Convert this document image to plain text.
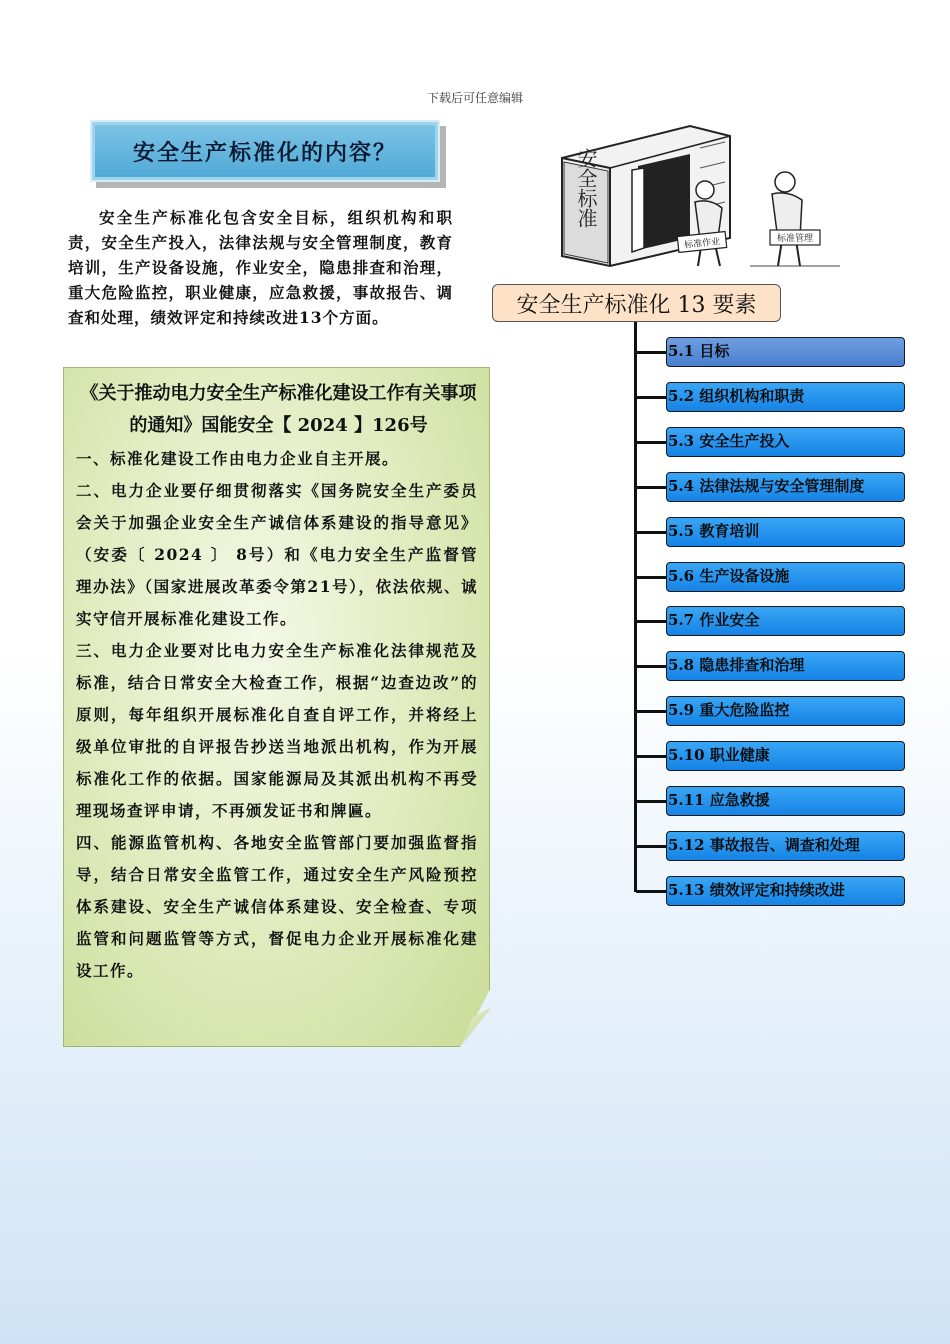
下载后可任意编辑
安全生产标准化的内容？

安全生产标准化包含安全目标，组织机构和职责，安全生产投入，法律法规与安全管理制度，教育培训，生产设备设施，作业安全，隐患排查和治理，重大危险监控，职业健康，应急救援，事故报告、调查和处理，绩效评定和持续改进13个方面。

安全标准
标准作业	标准管理
安全生产标准化 13 要素
5.1 目标
5.2 组织机构和职责
5.3 安全生产投入
5.4 法律法规与安全管理制度
5.5 教育培训
5.6 生产设备设施
5.7 作业安全
5.8 隐患排查和治理
5.9 重大危险监控
5.10 职业健康
5.11 应急救援
5.12 事故报告、调查和处理
5.13 绩效评定和持续改进
《关于推动电力安全生产标准化建设工作有关事项的通知》国能安全【 2024 】126号

一、标准化建设工作由电力企业自主开展。

二、电力企业要仔细贯彻落实《国务院安全生产委员会关于加强企业安全生产诚信体系建设的指导意见》（安委〔 2024 〕 8号）和《电力安全生产监督管理办法》（国家进展改革委令第21号），依法依规、诚实守信开展标准化建设工作。

三、电力企业要对比电力安全生产标准化法律规范及标准，结合日常安全大检查工作，根据“边查边改”的原则，每年组织开展标准化自查自评工作，并将经上级单位审批的自评报告抄送当地派出机构，作为开展标准化工作的依据。国家能源局及其派出机构不再受理现场查评申请，不再颁发证书和牌匾。

四、能源监管机构、各地安全监管部门要加强监督指导，结合日常安全监管工作，通过安全生产风险预控体系建设、安全生产诚信体系建设、安全检查、专项监管和问题监管等方式，督促电力企业开展标准化建设工作。
